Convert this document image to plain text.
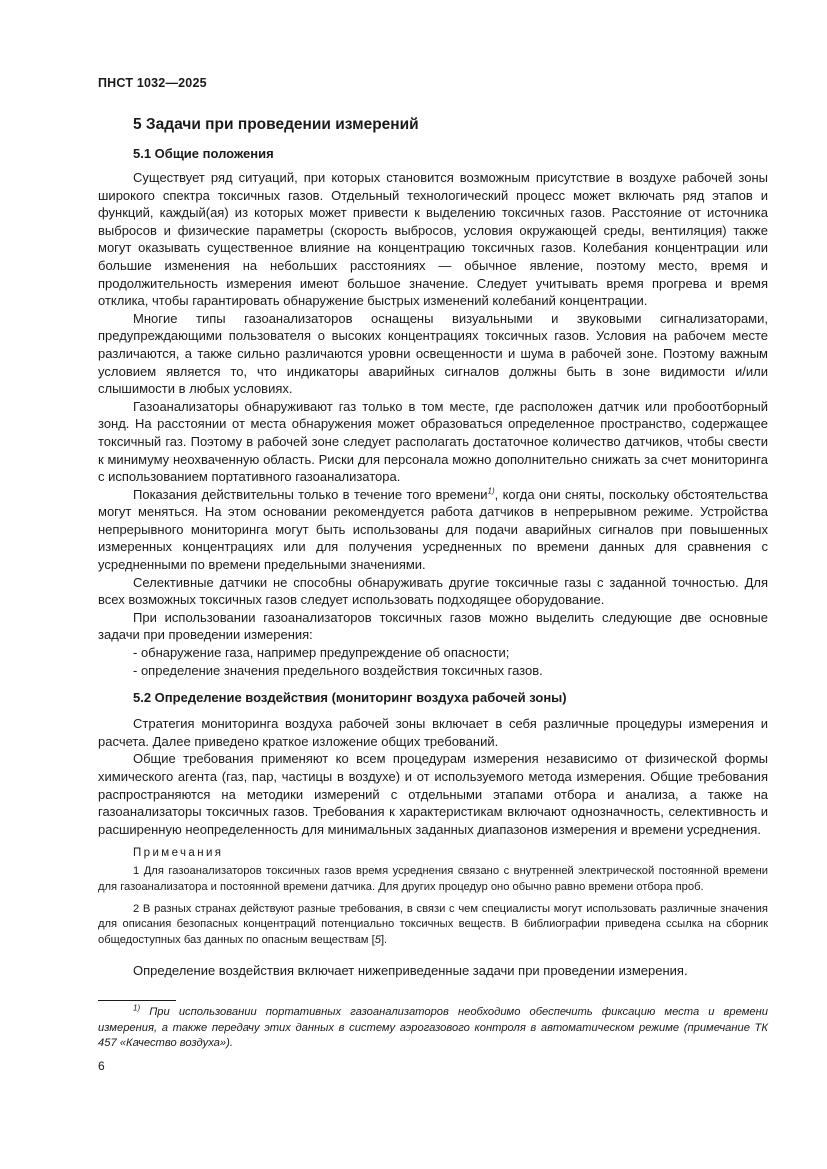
ПНСТ 1032—2025
5 Задачи при проведении измерений
5.1 Общие положения

Существует ряд ситуаций, при которых становится возможным присутствие в воздухе рабочей зоны широкого спектра токсичных газов. Отдельный технологический процесс может включать ряд этапов и функций, каждый(ая) из которых может привести к выделению токсичных газов. Расстояние от источника выбросов и физические параметры (скорость выбросов, условия окружающей среды, вентиляция) также могут оказывать существенное влияние на концентрацию токсичных газов. Колебания концентрации или большие изменения на небольших расстояниях — обычное явление, поэтому место, время и продолжительность измерения имеют большое значение. Следует учитывать время прогрева и время отклика, чтобы гарантировать обнаружение быстрых изменений колебаний концентрации.

Многие типы газоанализаторов оснащены визуальными и звуковыми сигнализаторами, предупреждающими пользователя о высоких концентрациях токсичных газов. Условия на рабочем месте различаются, а также сильно различаются уровни освещенности и шума в рабочей зоне. Поэтому важным условием является то, что индикаторы аварийных сигналов должны быть в зоне видимости и/или слышимости в любых условиях.

Газоанализаторы обнаруживают газ только в том месте, где расположен датчик или пробоотборный зонд. На расстоянии от места обнаружения может образоваться определенное пространство, содержащее токсичный газ. Поэтому в рабочей зоне следует располагать достаточное количество датчиков, чтобы свести к минимуму неохваченную область. Риски для персонала можно дополнительно снижать за счет мониторинга с использованием портативного газоанализатора.

Показания действительны только в течение того времени$^{1)}$, когда они сняты, поскольку обстоятельства могут меняться. На этом основании рекомендуется работа датчиков в непрерывном режиме. Устройства непрерывного мониторинга могут быть использованы для подачи аварийных сигналов при повышенных измеренных концентрациях или для получения усредненных по времени данных для сравнения с усредненными по времени предельными значениями.

Селективные датчики не способны обнаруживать другие токсичные газы с заданной точностью. Для всех возможных токсичных газов следует использовать подходящее оборудование.

При использовании газоанализаторов токсичных газов можно выделить следующие две основные задачи при проведении измерения:

- обнаружение газа, например предупреждение об опасности;
- определение значения предельного воздействия токсичных газов.
5.2 Определение воздействия (мониторинг воздуха рабочей зоны)

Стратегия мониторинга воздуха рабочей зоны включает в себя различные процедуры измерения и расчета. Далее приведено краткое изложение общих требований.

Общие требования применяют ко всем процедурам измерения независимо от физической формы химического агента (газ, пар, частицы в воздухе) и от используемого метода измерения. Общие требования распространяются на методики измерений с отдельными этапами отбора и анализа, а также на газоанализаторы токсичных газов. Требования к характеристикам включают однозначность, селективность и расширенную неопределенность для минимальных заданных диапазонов измерения и времени усреднения.

Примечания

1 Для газоанализаторов токсичных газов время усреднения связано с внутренней электрической постоянной времени для газоанализатора и постоянной времени датчика. Для других процедур оно обычно равно времени отбора проб.

2 В разных странах действуют разные требования, в связи с чем специалисты могут использовать различные значения для описания безопасных концентраций потенциально токсичных веществ. В библиографии приведена ссылка на сборник общедоступных баз данных по опасным веществам [5].

Определение воздействия включает нижеприведенные задачи при проведении измерения.

$^{1)}$ При использовании портативных газоанализаторов необходимо обеспечить фиксацию места и времени измерения, а также передачу этих данных в систему аэрогазового контроля в автоматическом режиме (примечание ТК 457 «Качество воздуха»).

6
